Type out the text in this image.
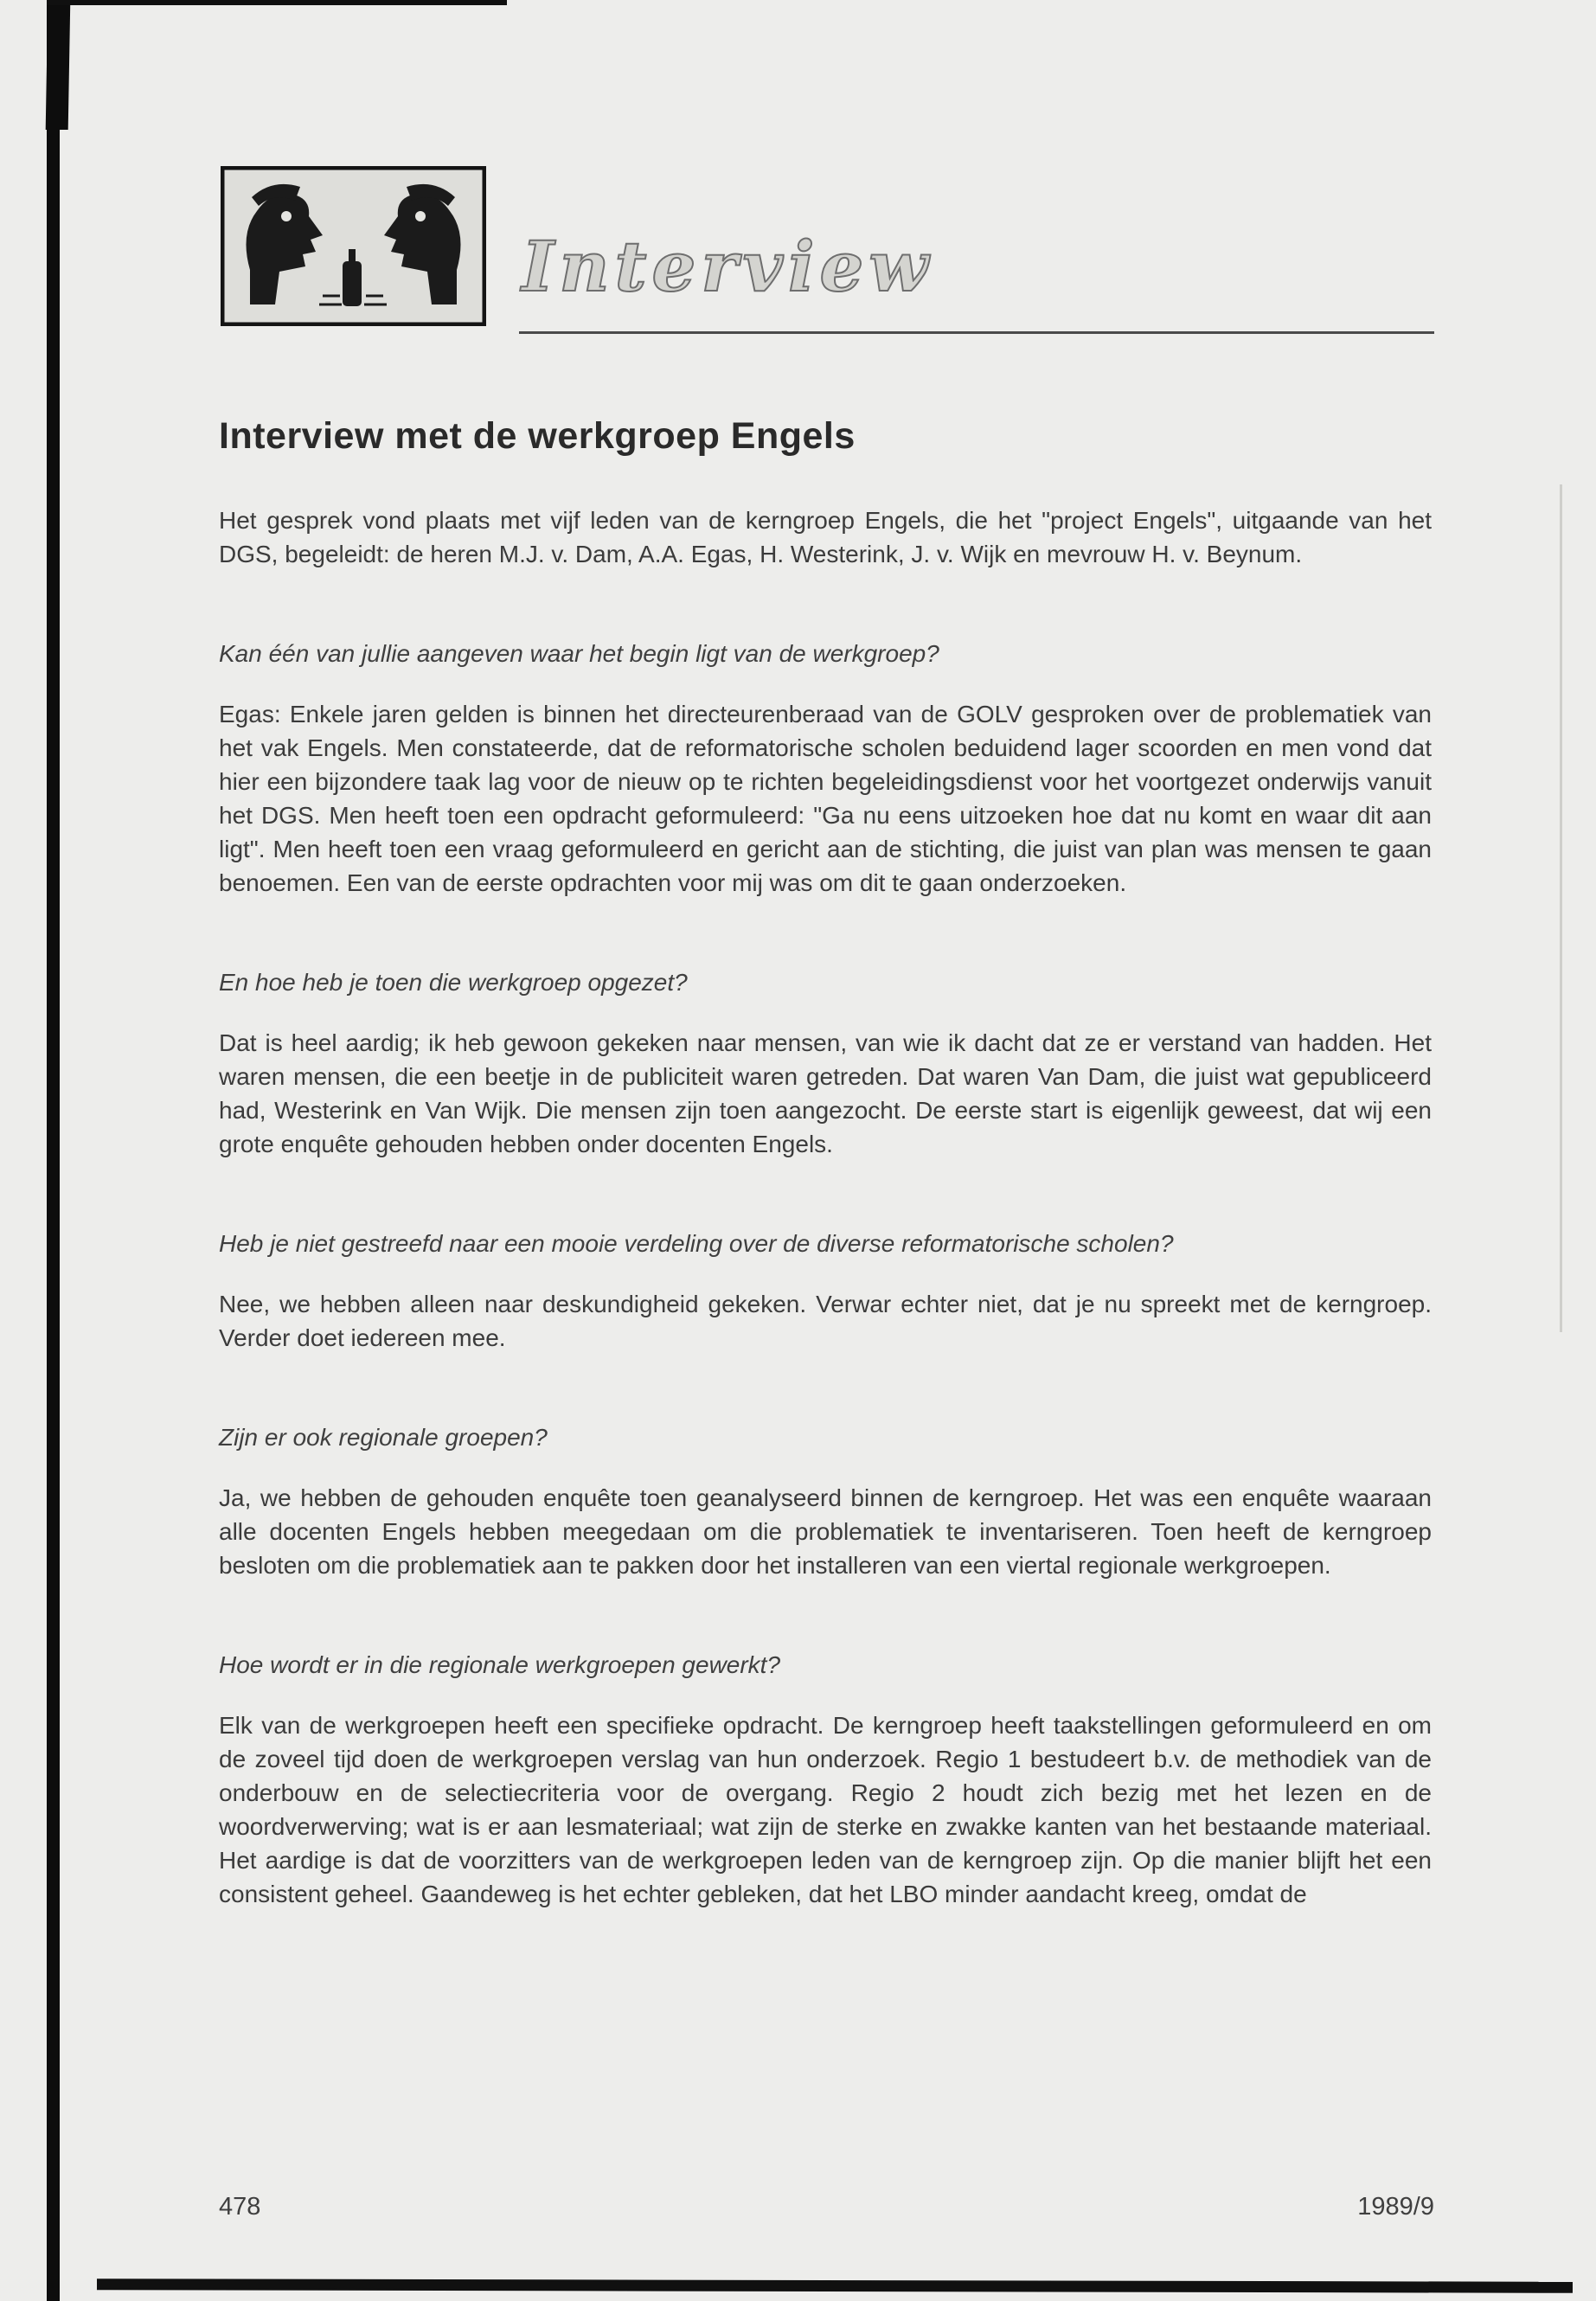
Interview
Interview met de werkgroep Engels

Het gesprek vond plaats met vijf leden van de kerngroep Engels, die het "project Engels", uitgaande van het DGS, begeleidt: de heren M.J. v. Dam, A.A. Egas, H. Westerink, J. v. Wijk en mevrouw H. v. Beynum.

Kan één van jullie aangeven waar het begin ligt van de werkgroep?

Egas: Enkele jaren gelden is binnen het directeurenberaad van de GOLV gesproken over de problematiek van het vak Engels. Men constateerde, dat de reformatorische scholen beduidend lager scoorden en men vond dat hier een bijzondere taak lag voor de nieuw op te richten begeleidingsdienst voor het voortgezet onderwijs vanuit het DGS. Men heeft toen een opdracht geformuleerd: "Ga nu eens uitzoeken hoe dat nu komt en waar dit aan ligt". Men heeft toen een vraag geformuleerd en gericht aan de stichting, die juist van plan was mensen te gaan benoemen. Een van de eerste opdrachten voor mij was om dit te gaan onderzoeken.

En hoe heb je toen die werkgroep opgezet?

Dat is heel aardig; ik heb gewoon gekeken naar mensen, van wie ik dacht dat ze er verstand van hadden. Het waren mensen, die een beetje in de publiciteit waren getreden. Dat waren Van Dam, die juist wat gepubliceerd had, Westerink en Van Wijk. Die mensen zijn toen aangezocht. De eerste start is eigenlijk geweest, dat wij een grote enquête gehouden hebben onder docenten Engels.

Heb je niet gestreefd naar een mooie verdeling over de diverse reformatorische scholen?

Nee, we hebben alleen naar deskundigheid gekeken. Verwar echter niet, dat je nu spreekt met de kerngroep. Verder doet iedereen mee.

Zijn er ook regionale groepen?

Ja, we hebben de gehouden enquête toen geanalyseerd binnen de kerngroep. Het was een enquête waaraan alle docenten Engels hebben meegedaan om die problematiek te inventariseren. Toen heeft de kerngroep besloten om die problematiek aan te pakken door het installeren van een viertal regionale werkgroepen.

Hoe wordt er in die regionale werkgroepen gewerkt?

Elk van de werkgroepen heeft een specifieke opdracht. De kerngroep heeft taakstellingen geformuleerd en om de zoveel tijd doen de werkgroepen verslag van hun onderzoek. Regio 1 bestudeert b.v. de methodiek van de onderbouw en de selectiecriteria voor de overgang. Regio 2 houdt zich bezig met het lezen en de woordverwerving; wat is er aan lesmateriaal; wat zijn de sterke en zwakke kanten van het bestaande materiaal. Het aardige is dat de voorzitters van de werkgroepen leden van de kerngroep zijn. Op die manier blijft het een consistent geheel. Gaandeweg is het echter gebleken, dat het LBO minder aandacht kreeg, omdat de

478	1989/9
